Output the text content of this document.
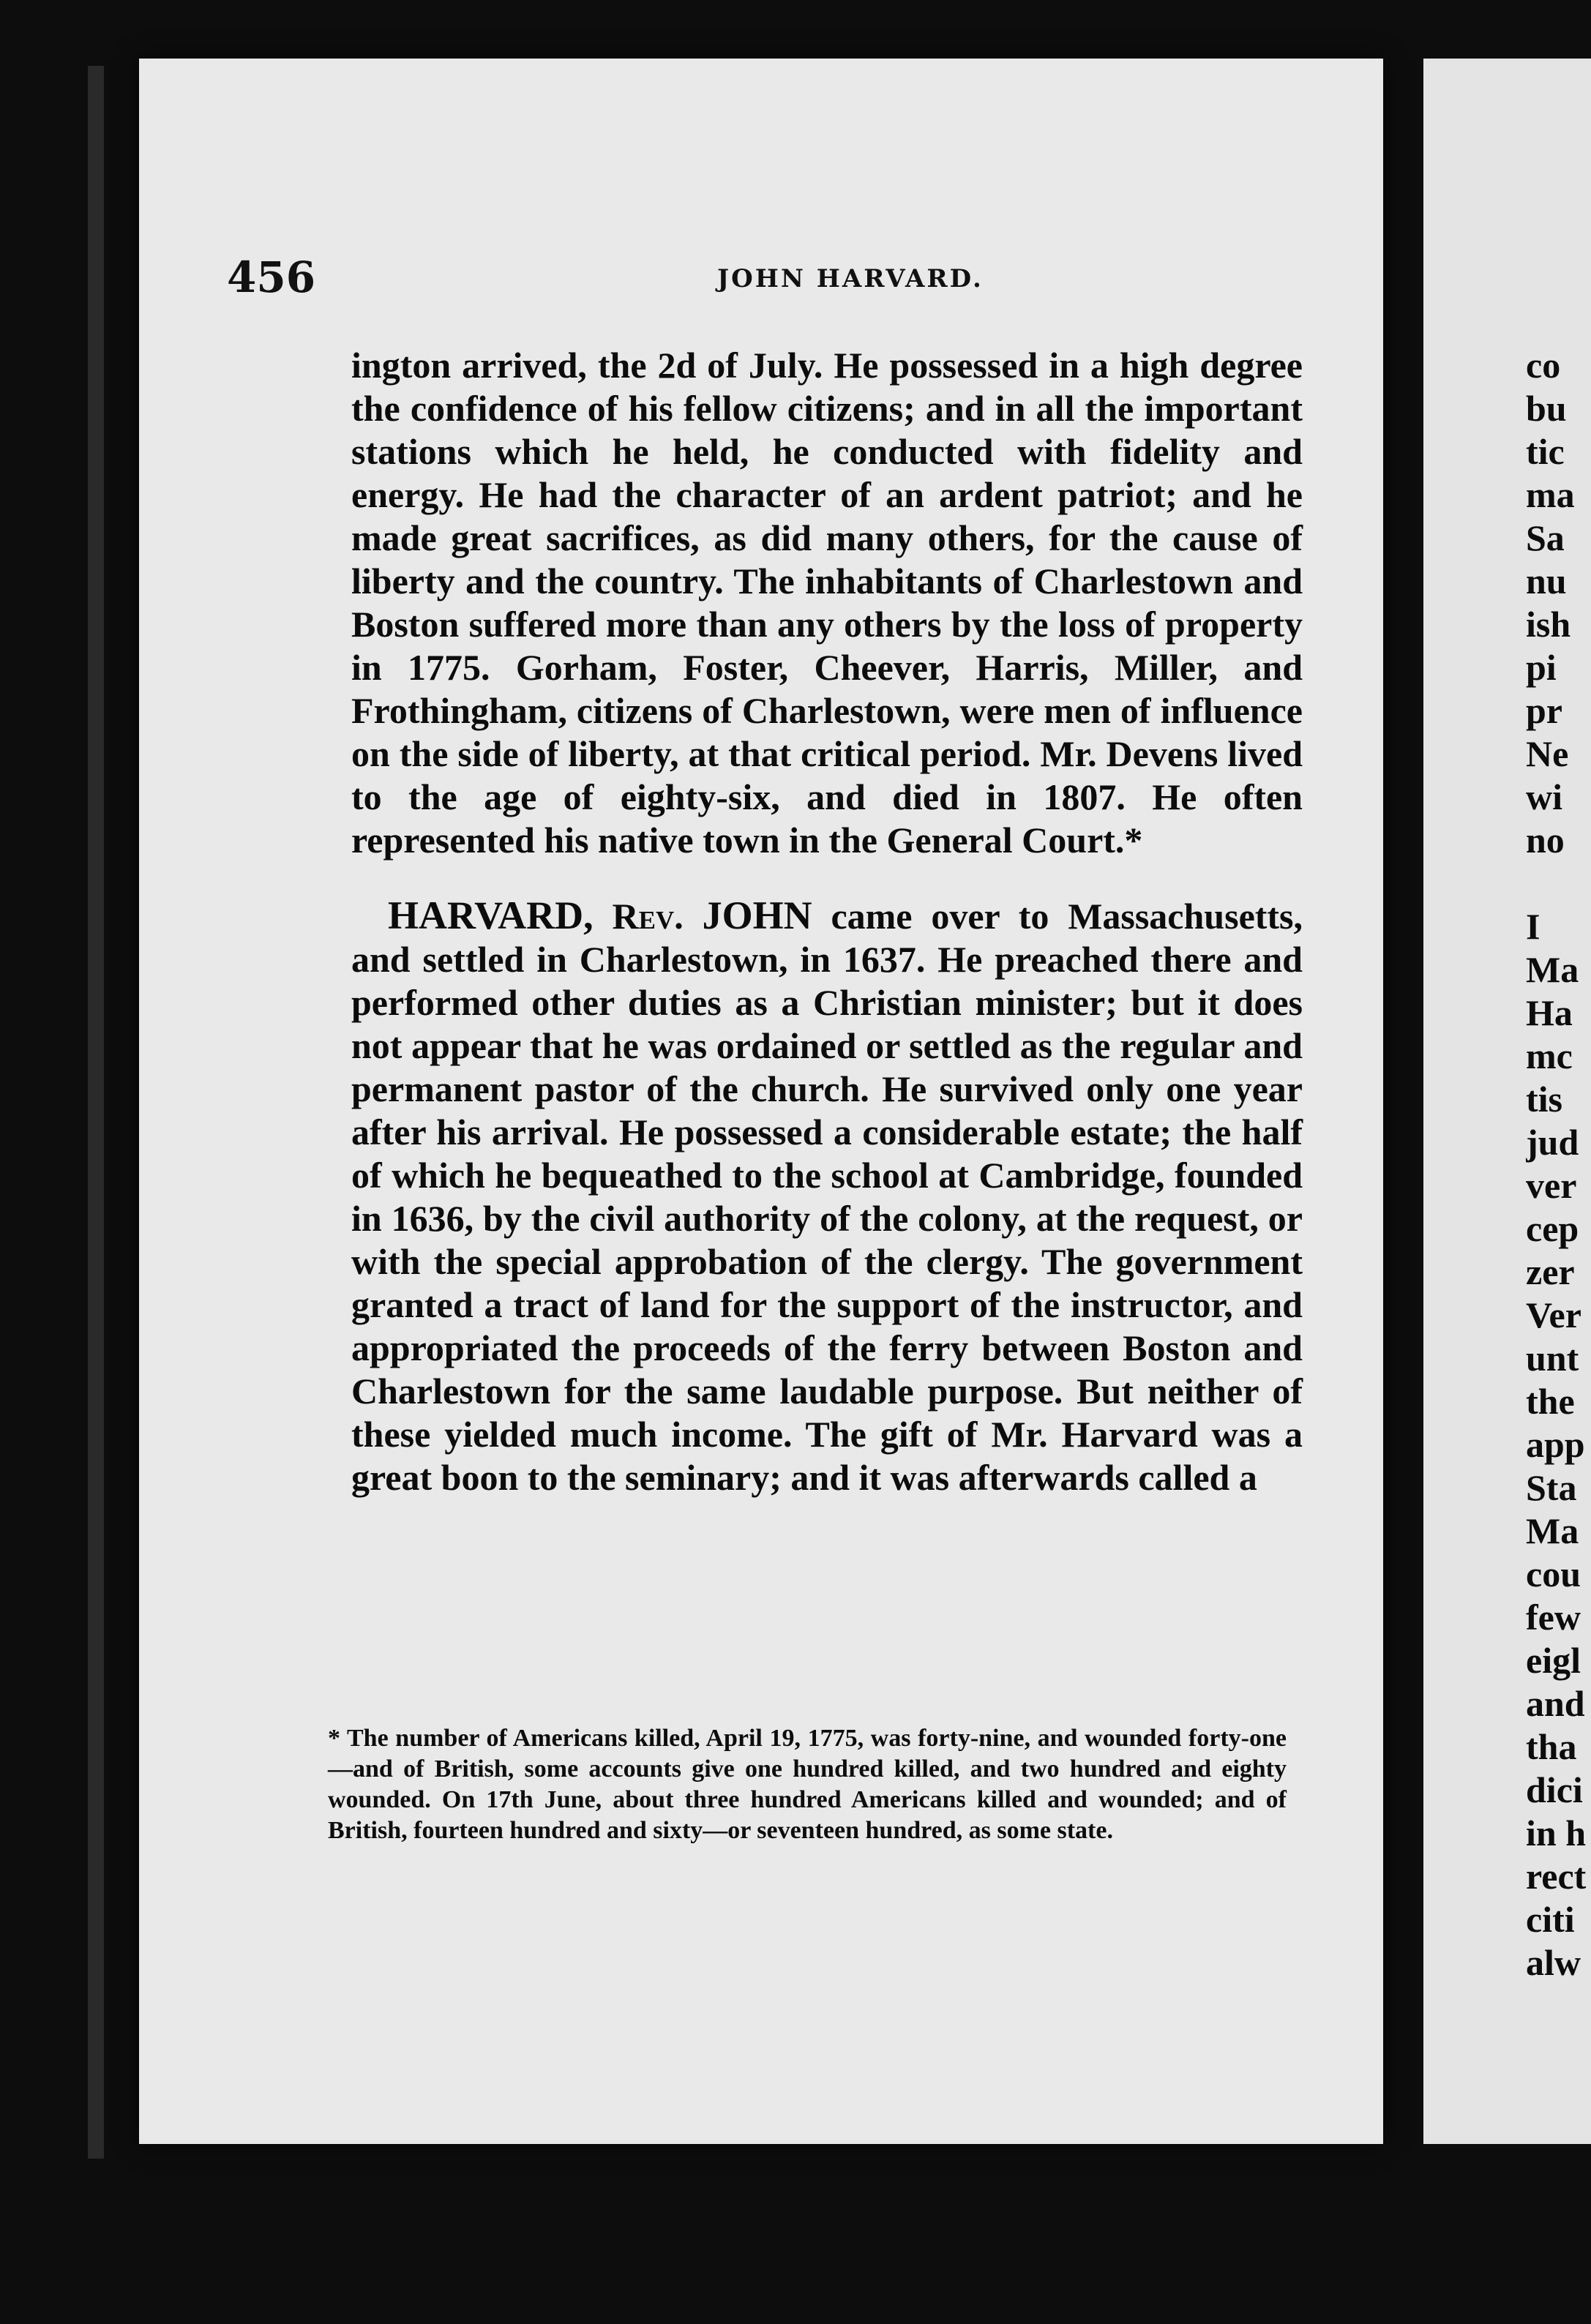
456	JOHN HARVARD.

ington arrived, the 2d of July. He possessed in a high degree the confidence of his fellow citizens; and in all the important stations which he held, he conducted with fidelity and energy. He had the character of an ardent patriot; and he made great sacrifices, as did many others, for the cause of liberty and the country. The inhabitants of Charlestown and Boston suffered more than any others by the loss of property in 1775. Gorham, Foster, Cheever, Harris, Miller, and Frothingham, citizens of Charlestown, were men of influence on the side of liberty, at that critical period. Mr. Devens lived to the age of eighty-six, and died in 1807. He often represented his native town in the General Court.*

HARVARD, Rev. JOHN came over to Massachusetts, and settled in Charlestown, in 1637. He preached there and performed other duties as a Christian minister; but it does not appear that he was ordained or settled as the regular and permanent pastor of the church. He survived only one year after his arrival. He possessed a considerable estate; the half of which he bequeathed to the school at Cambridge, founded in 1636, by the civil authority of the colony, at the request, or with the special approbation of the clergy. The government granted a tract of land for the support of the instructor, and appropriated the proceeds of the ferry between Boston and Charlestown for the same laudable purpose. But neither of these yielded much income. The gift of Mr. Harvard was a great boon to the seminary; and it was afterwards called a

* The number of Americans killed, April 19, 1775, was forty-nine, and wounded forty-one—and of British, some accounts give one hundred killed, and two hundred and eighty wounded. On 17th June, about three hundred Americans killed and wounded; and of British, fourteen hundred and sixty—or seventeen hundred, as some state.
co
bu
tic
ma
Sa
nu
ish
pi
pr
Ne
wi
no
I
Ma
Ha
mc
tis
jud
ver
cep
zer
Ver
unt
the
app
Sta
Ma
cou
few
eigl
and
tha
dici
in h
rect
citi
alw
